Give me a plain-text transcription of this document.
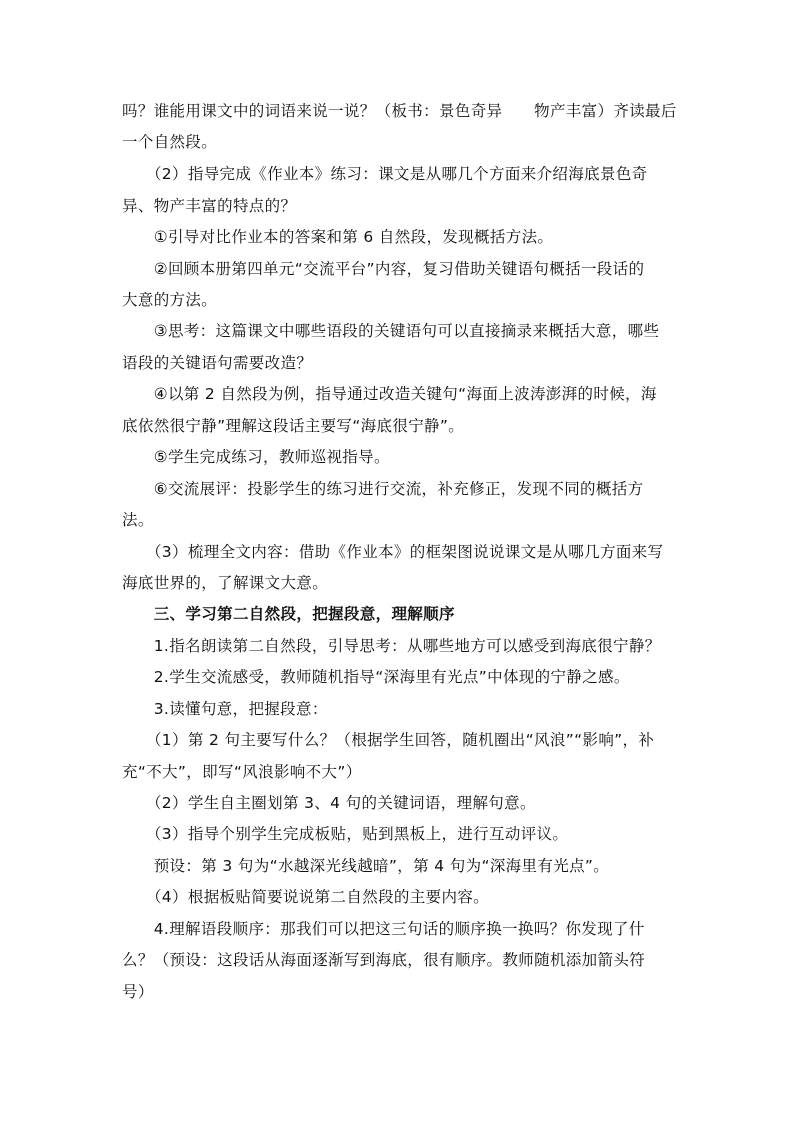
吗？谁能用课文中的词语来说一说？（板书：景色奇异　　物产丰富）齐读最后
一个自然段。
　　（2）指导完成《作业本》练习：课文是从哪几个方面来介绍海底景色奇
异、物产丰富的特点的？
　　①引导对比作业本的答案和第 6 自然段，发现概括方法。
　　②回顾本册第四单元“交流平台”内容，复习借助关键语句概括一段话的
大意的方法。
　　③思考：这篇课文中哪些语段的关键语句可以直接摘录来概括大意，哪些
语段的关键语句需要改造？
　　④以第 2 自然段为例，指导通过改造关键句“海面上波涛澎湃的时候，海
底依然很宁静”理解这段话主要写“海底很宁静”。
　　⑤学生完成练习，教师巡视指导。
　　⑥交流展评：投影学生的练习进行交流，补充修正，发现不同的概括方
法。
　　（3）梳理全文内容：借助《作业本》的框架图说说课文是从哪几方面来写
海底世界的，了解课文大意。
　　三、学习第二自然段，把握段意，理解顺序
　　1.指名朗读第二自然段，引导思考：从哪些地方可以感受到海底很宁静？
　　2.学生交流感受，教师随机指导“深海里有光点”中体现的宁静之感。
　　3.读懂句意，把握段意：
　　（1）第 2 句主要写什么？（根据学生回答，随机圈出“风浪”“影响”，补
充“不大”，即写“风浪影响不大”）
　　（2）学生自主圈划第 3、4 句的关键词语，理解句意。
　　（3）指导个别学生完成板贴，贴到黑板上，进行互动评议。
　　预设：第 3 句为“水越深光线越暗”，第 4 句为“深海里有光点”。
　　（4）根据板贴简要说说第二自然段的主要内容。
　　4.理解语段顺序：那我们可以把这三句话的顺序换一换吗？你发现了什
么？（预设：这段话从海面逐渐写到海底，很有顺序。教师随机添加箭头符
号）
